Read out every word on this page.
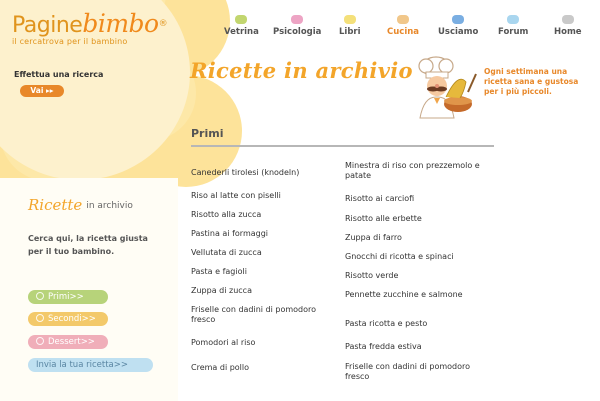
Paginebimbo®
il cercatrova per il bambino
Effettua una ricerca
Vai ▸▸
Vetrina Psicologia Libri	Cucina Usciamo Forum	Home
Ricette in archivio	Ogni settimana una ricetta sana e gustosa per i più piccoli.
Primi
Canederli tirolesi (knodeln)
Riso al latte con piselli
Risotto alla zucca
Pastina ai formaggi
Vellutata di zucca
Pasta e fagioli
Zuppa di zucca
Friselle con dadini di pomodoro fresco
Pomodori al riso
Crema di pollo
Minestra di riso con prezzemolo e patate
Risotto ai carciofi
Risotto alle erbette
Zuppa di farro
Gnocchi di ricotta e spinaci
Risotto verde
Pennette zucchine e salmone
Pasta ricotta e pesto
Pasta fredda estiva
Friselle con dadini di pomodoro fresco
Ricette in archivio
Cerca qui, la ricetta giusta per il tuo bambino.
Primi>>
Secondi>>
Dessert>>
Invia la tua ricetta>>
